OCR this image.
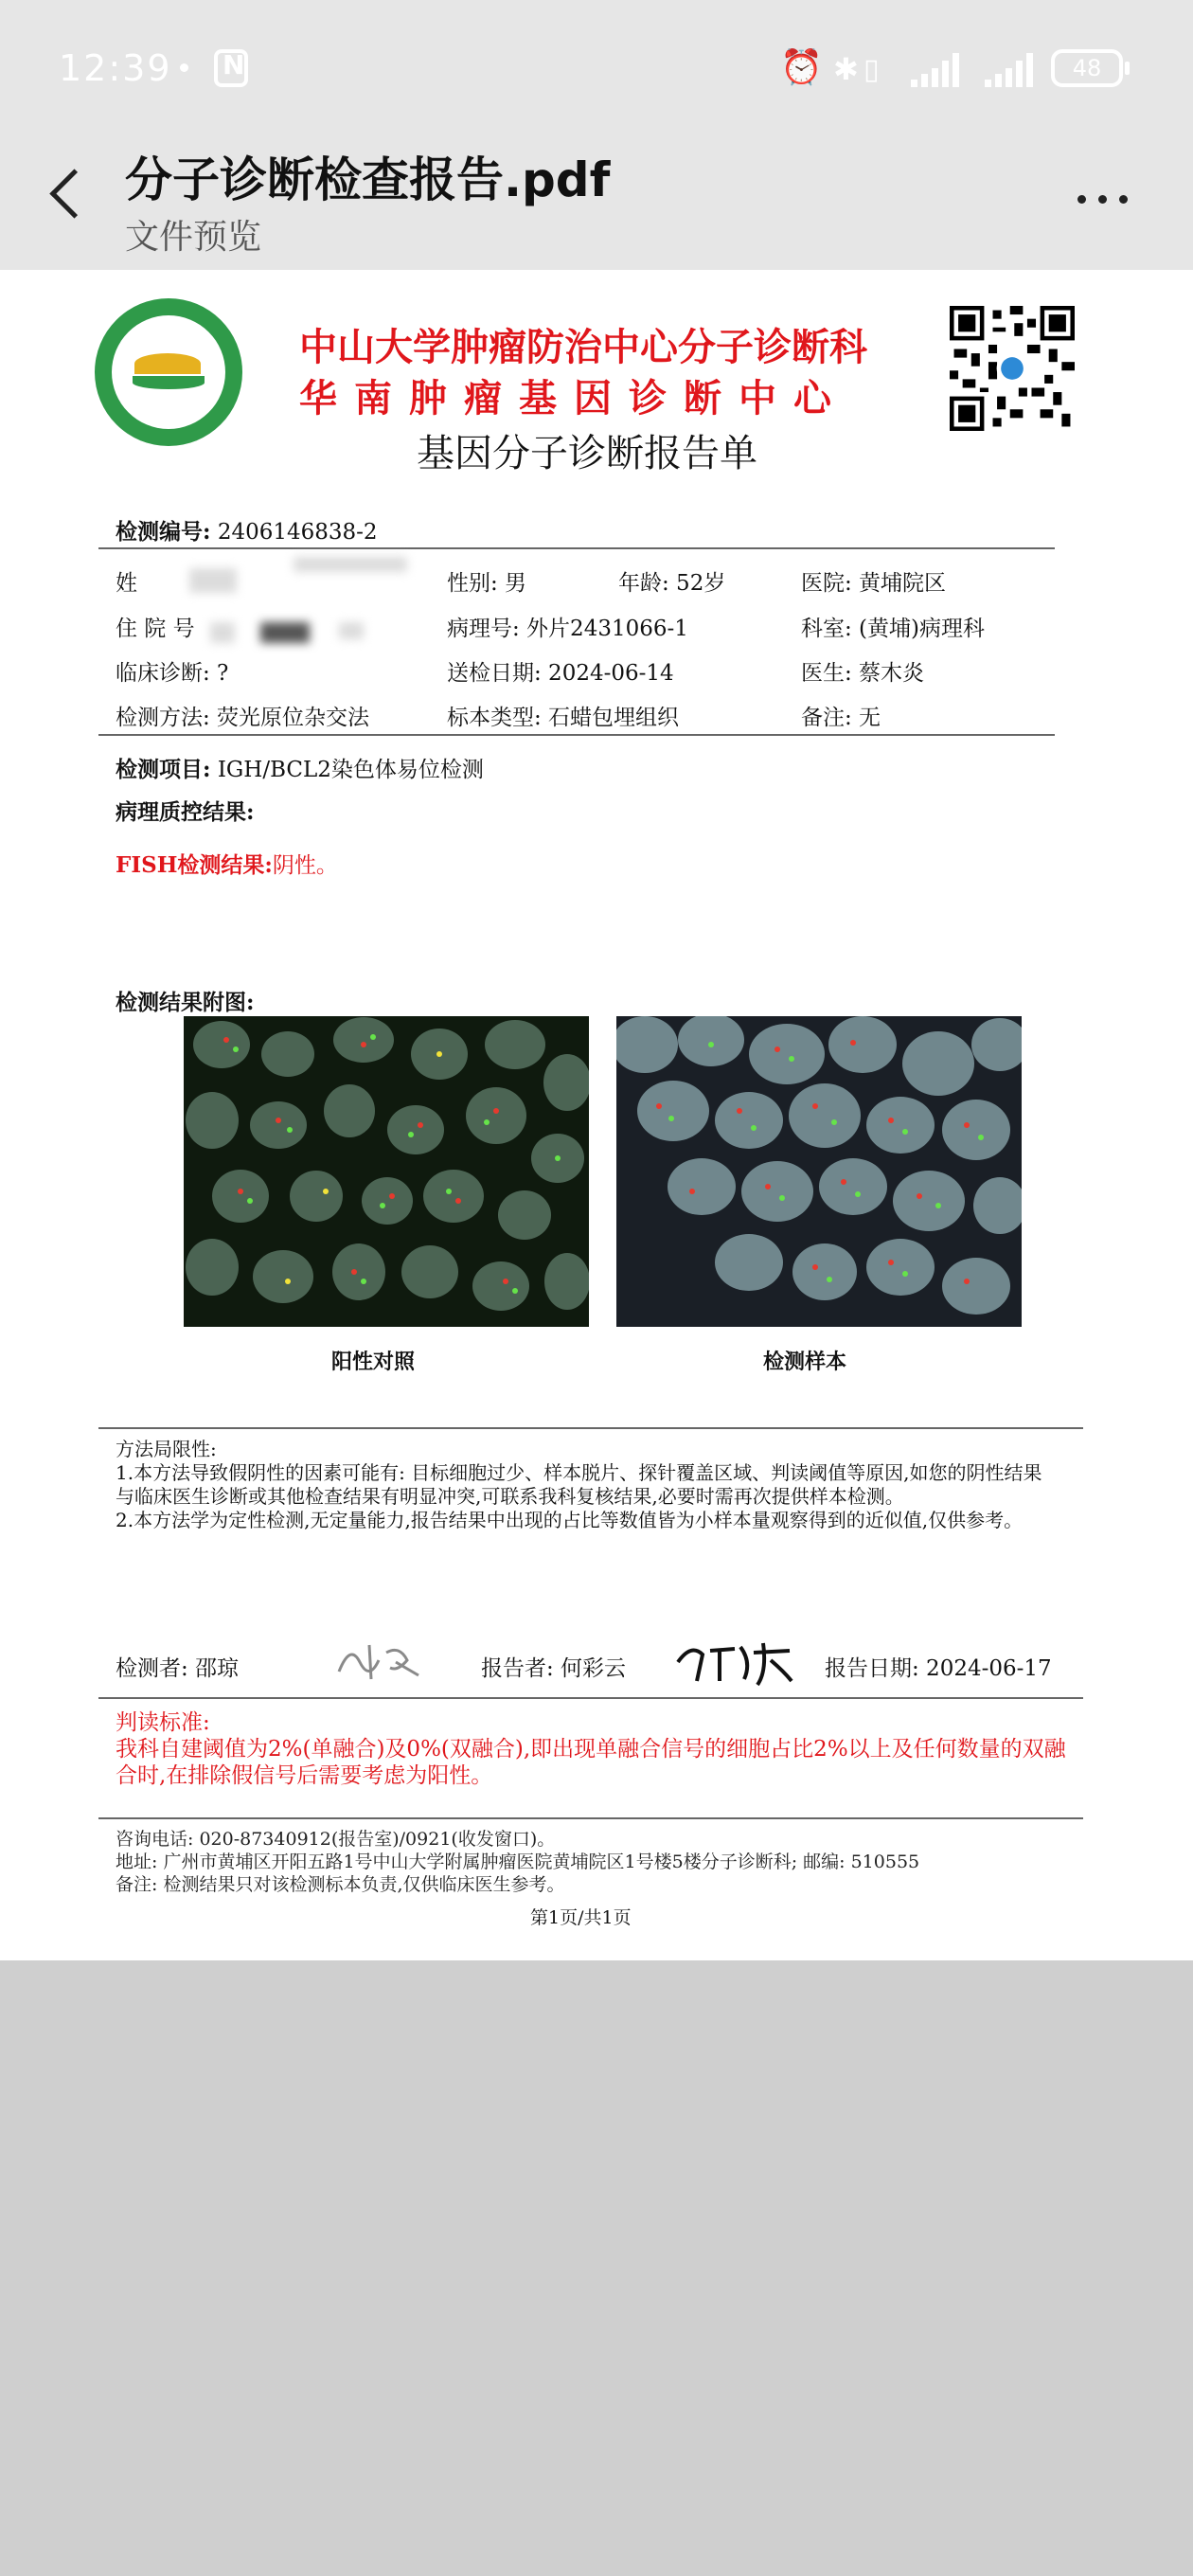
12:39
N	⏰ ✱ ▯	48
分子诊断检查报告.pdf
文件预览
中山大学肿瘤防治中心分子诊断科
华南肿瘤基因诊断中心
基因分子诊断报告单
检测编号: 2406146838-2
姓	性别: 男	年龄: 52岁	医院: 黄埔院区
住 院 号	病理号: 外片2431066-1	科室: (黄埔)病理科
临床诊断: ?	送检日期: 2024-06-14	医生: 蔡木炎
检测方法: 荧光原位杂交法	标本类型: 石蜡包埋组织	备注: 无
检测项目: IGH/BCL2染色体易位检测
病理质控结果:
FISH检测结果:阴性。
检测结果附图:
阳性对照	检测样本

方法局限性:

1.本方法导致假阴性的因素可能有: 目标细胞过少、样本脱片、探针覆盖区域、判读阈值等原因,如您的阴性结果与临床医生诊断或其他检查结果有明显冲突,可联系我科复核结果,必要时需再次提供样本检测。

2.本方法学为定性检测,无定量能力,报告结果中出现的占比等数值皆为小样本量观察得到的近似值,仅供参考。

检测者: 邵琼	报告者: 何彩云	报告日期: 2024-06-17

判读标准:

我科自建阈值为2%(单融合)及0%(双融合),即出现单融合信号的细胞占比2%以上及任何数量的双融合时,在排除假信号后需要考虑为阳性。

咨询电话: 020-87340912(报告室)/0921(收发窗口)。

地址: 广州市黄埔区开阳五路1号中山大学附属肿瘤医院黄埔院区1号楼5楼分子诊断科; 邮编: 510555

备注: 检测结果只对该检测标本负责,仅供临床医生参考。

第1页/共1页
